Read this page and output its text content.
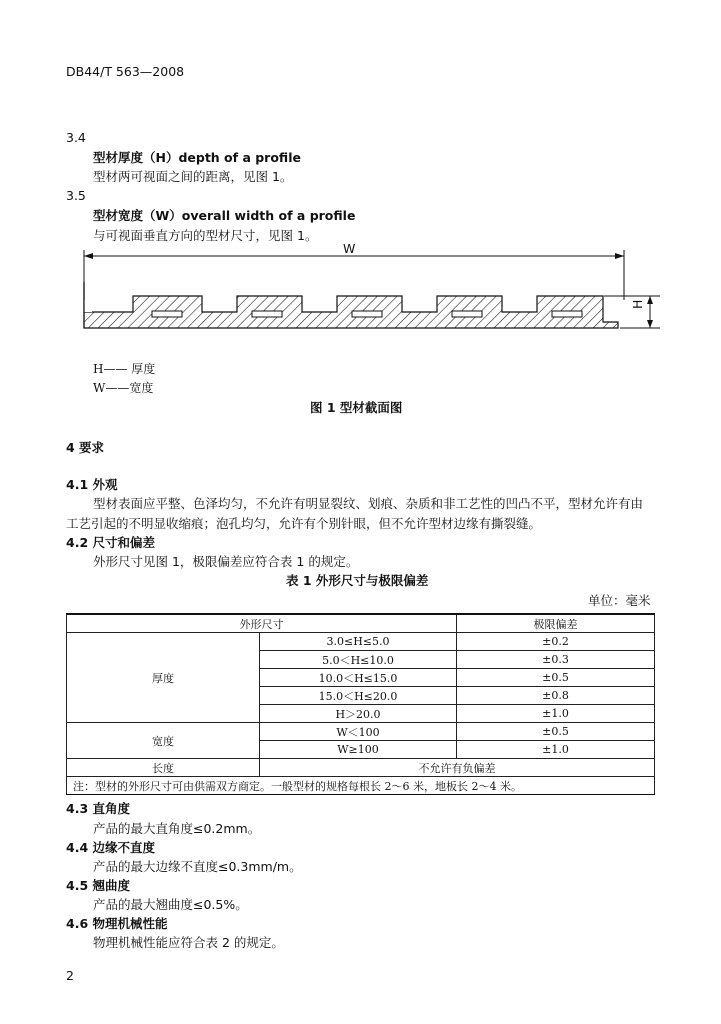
DB44/T 563—2008
3.4
型材厚度（H）depth of a profile
型材两可视面之间的距离，见图 1。
3.5
型材宽度（W）overall width of a profile
与可视面垂直方向的型材尺寸，见图 1。
W
H
H—— 厚度
W——宽度
图 1 型材截面图
4 要求
4.1 外观
型材表面应平整、色泽均匀，不允许有明显裂纹、划痕、杂质和非工艺性的凹凸不平，型材允许有由
工艺引起的不明显收缩痕；泡孔均匀，允许有个别针眼，但不允许型材边缘有撕裂缝。
4.2 尺寸和偏差
外形尺寸见图 1，极限偏差应符合表 1 的规定。
表 1 外形尺寸与极限偏差
单位：毫米
外形尺寸		极限偏差
厚度	3.0≤H≤5.0	±0.2
	5.0＜H≤10.0	±0.3
	10.0＜H≤15.0	±0.5
	15.0＜H≤20.0	±0.8
	H＞20.0	±1.0
宽度	W＜100	±0.5
	W≥100	±1.0
长度	不允许有负偏差	
注：型材的外形尺寸可由供需双方商定。一般型材的规格每根长 2～6 米，地板长 2～4 米。		
4.3 直角度
产品的最大直角度≤0.2mm。
4.4 边缘不直度
产品的最大边缘不直度≤0.3mm/m。
4.5 翘曲度
产品的最大翘曲度≤0.5%。
4.6 物理机械性能
物理机械性能应符合表 2 的规定。
2
